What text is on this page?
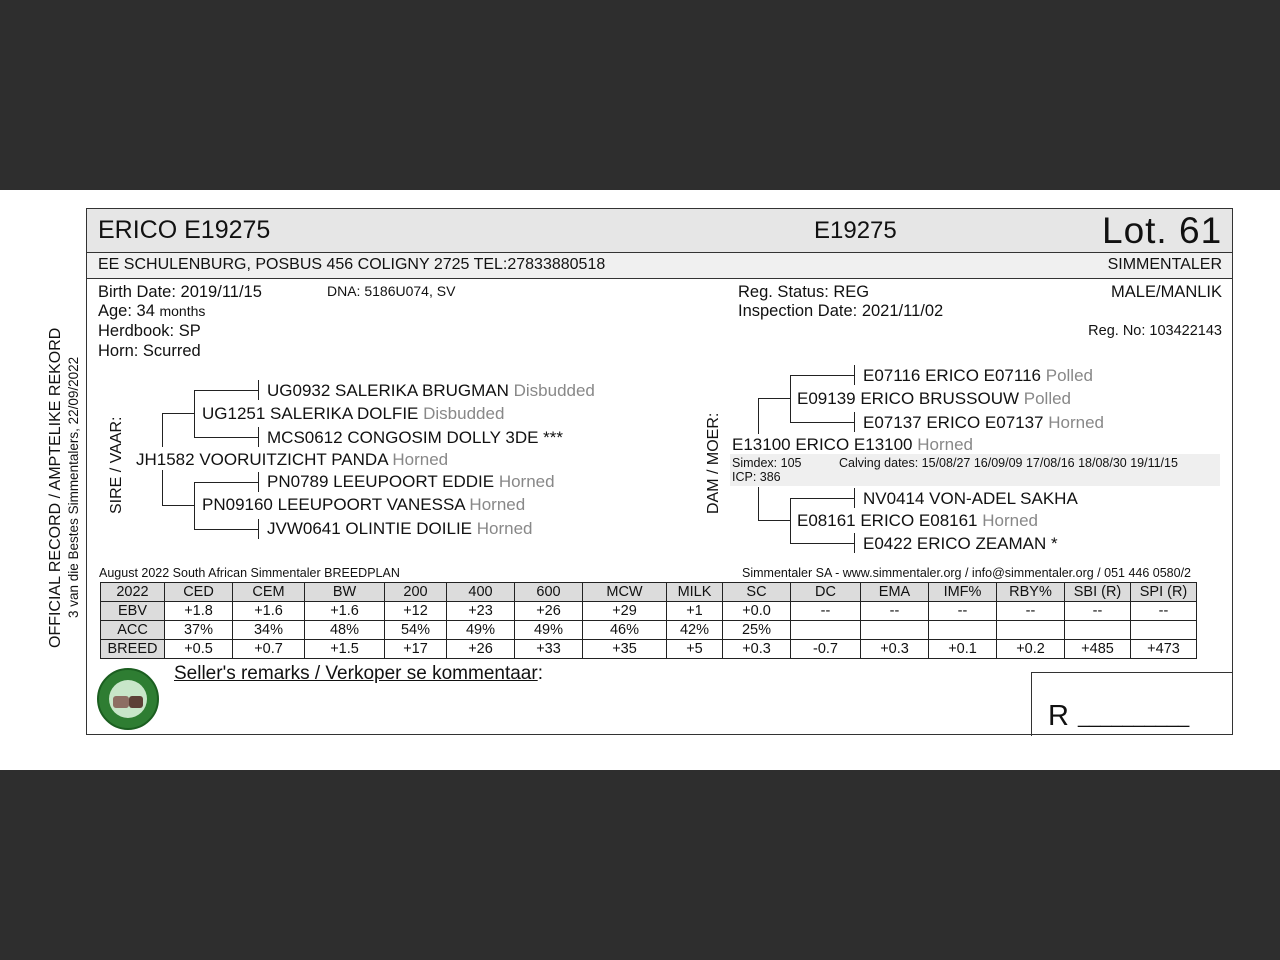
OFFICIAL RECORD / AMPTELIKE REKORD 3 van die Bestes Simmentalers, 22/09/2022
ERICO E19275	E19275	Lot. 61
EE SCHULENBURG, POSBUS 456 COLIGNY 2725 TEL:27833880518	SIMMENTALER
Birth Date: 2019/11/15	DNA: 5186U074, SV
Age: 34 months
Herdbook: SP
Horn: Scurred
Reg. Status: REG
Inspection Date: 2021/11/02
MALE/MANLIK
Reg. No: 103422143
SIRE / VAAR:
UG0932 SALERIKA BRUGMAN Disbudded
UG1251 SALERIKA DOLFIE Disbudded
MCS0612 CONGOSIM DOLLY 3DE ***
JH1582 VOORUITZICHT PANDA Horned
PN0789 LEEUPOORT EDDIE Horned
PN09160 LEEUPOORT VANESSA Horned
JVW0641 OLINTIE DOILIE Horned
DAM / MOER:
E07116 ERICO E07116 Polled
E09139 ERICO BRUSSOUW Polled
E07137 ERICO E07137 Horned
E13100 ERICO E13100 Horned
Simdex: 105	Calving dates: 15/08/27 16/09/09 17/08/16 18/08/30 19/11/15
ICP: 386
NV0414 VON-ADEL SAKHA
E08161 ERICO E08161 Horned
E0422 ERICO ZEAMAN *
August 2022 South African Simmentaler BREEDPLAN	Simmentaler SA - www.simmentaler.org / info@simmentaler.org / 051 446 0580/2
2022	CED	CEM	BW	200	400	600	MCW	MILK	SC	DC	EMA	IMF%	RBY%	SBI (R)	SPI (R)
EBV	+1.8	+1.6	+1.6	+12	+23	+26	+29	+1	+0.0	--	--	--	--	--	--
ACC	37%	34%	48%	54%	49%	49%	46%	42%	25%						
BREED	+0.5	+0.7	+1.5	+17	+26	+33	+35	+5	+0.3	-0.7	+0.3	+0.1	+0.2	+485	+473
Seller's remarks / Verkoper se kommentaar:
R __________
